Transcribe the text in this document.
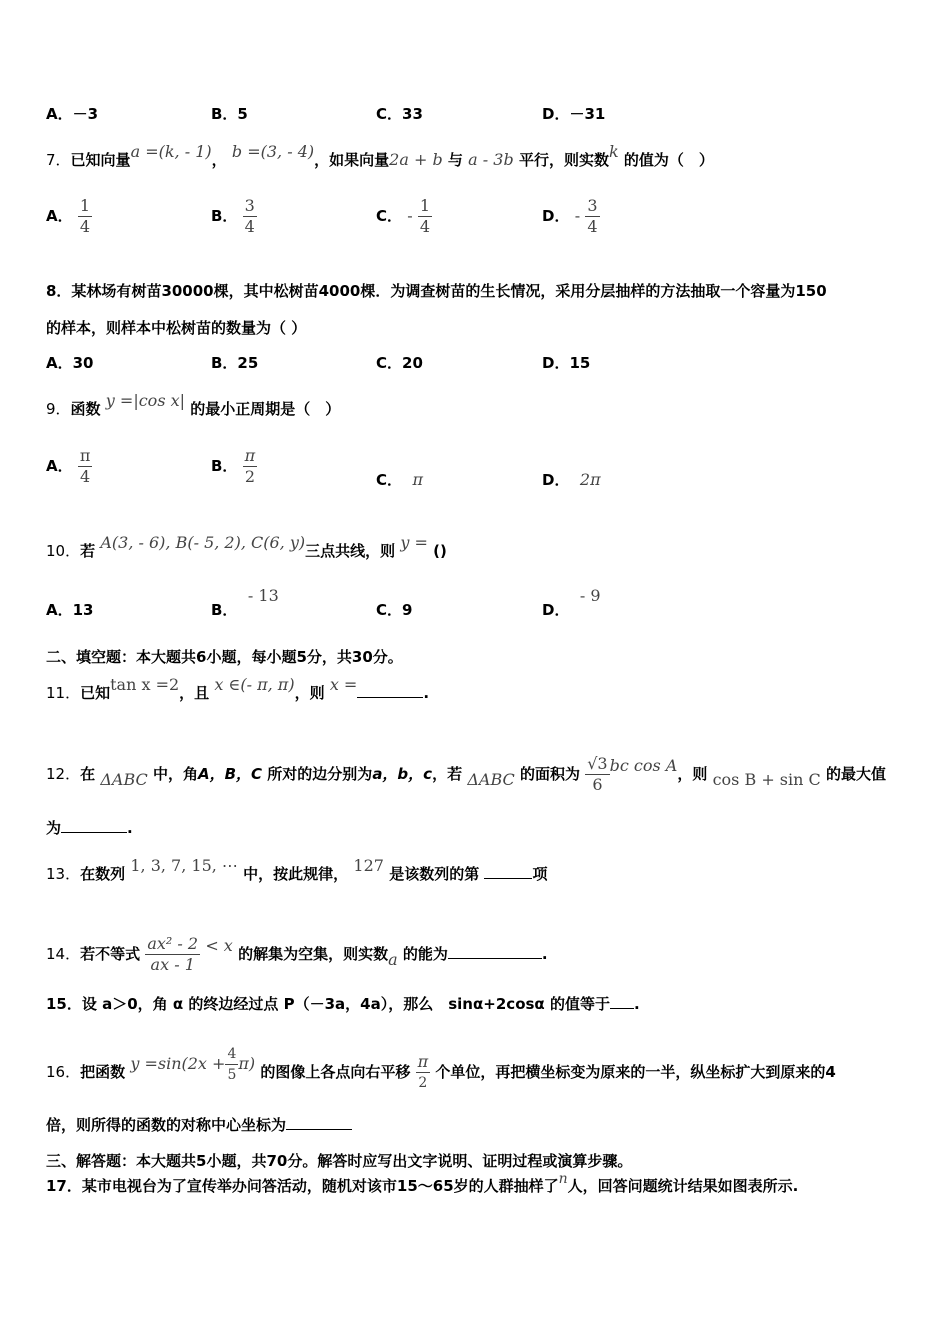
A．－3	B．5	C．33	D．－31
7．已知向量a =(k, - 1)， b =(3, - 4)，如果向量2a + b 与 a - 3b 平行，则实数k 的值为（　）
A． $\frac{1}{4}$	B． $\frac{3}{4}$	C． - $\frac{1}{4}$	D． - $\frac{3}{4}$
8．某林场有树苗30000棵，其中松树苗4000棵．为调查树苗的生长情况，采用分层抽样的方法抽取一个容量为150
的样本，则样本中松树苗的数量为（ ）
A．30	B．25	C．20	D．15
9．函数 y =|cos x| 的最小正周期是（　）
A． $\frac{\pi}{4}$	B． $\frac{\pi}{2}$	C． π	D． 2π
10．若 A(3, - 6), B(- 5, 2), C(6, y)三点共线，则 y = ()
A．13	B．  - 13
C．9	D．  - 9
二、填空题：本大题共6小题，每小题5分，共30分。
11．已知tan x =2，且 x ∈(- π, π)，则 x =	.
12．在 ΔABC 中，角A，B，C 所对的边分别为a，b，c，若 ΔABC 的面积为 $\frac{√3}{6}$ bc cos A，则 cos B + sin C 的最大值
为	.
13．在数列 1, 3, 7, 15, ⋯ 中，按此规律， 127 是该数列的第	项
14．若不等式 $\frac{\text{ax² - 2}}{ax - 1} < x$ 的解集为空集，则实数a 的能为	.
15．设 a＞0，角 α 的终边经过点 P（－3a，4a），那么　sinα+2cosα 的值等于 .
16．把函数 $y =\sin(2x + \frac{4}{5} \pi)$ 的图像上各点向右平移 $\frac{\pi}{2}$ 个单位，再把横坐标变为原来的一半，纵坐标扩大到原来的4
倍，则所得的函数的对称中心坐标为
三、解答题：本大题共5小题，共70分。解答时应写出文字说明、证明过程或演算步骤。
17．某市电视台为了宣传举办问答活动，随机对该市15～65岁的人群抽样了n人，回答问题统计结果如图表所示.
